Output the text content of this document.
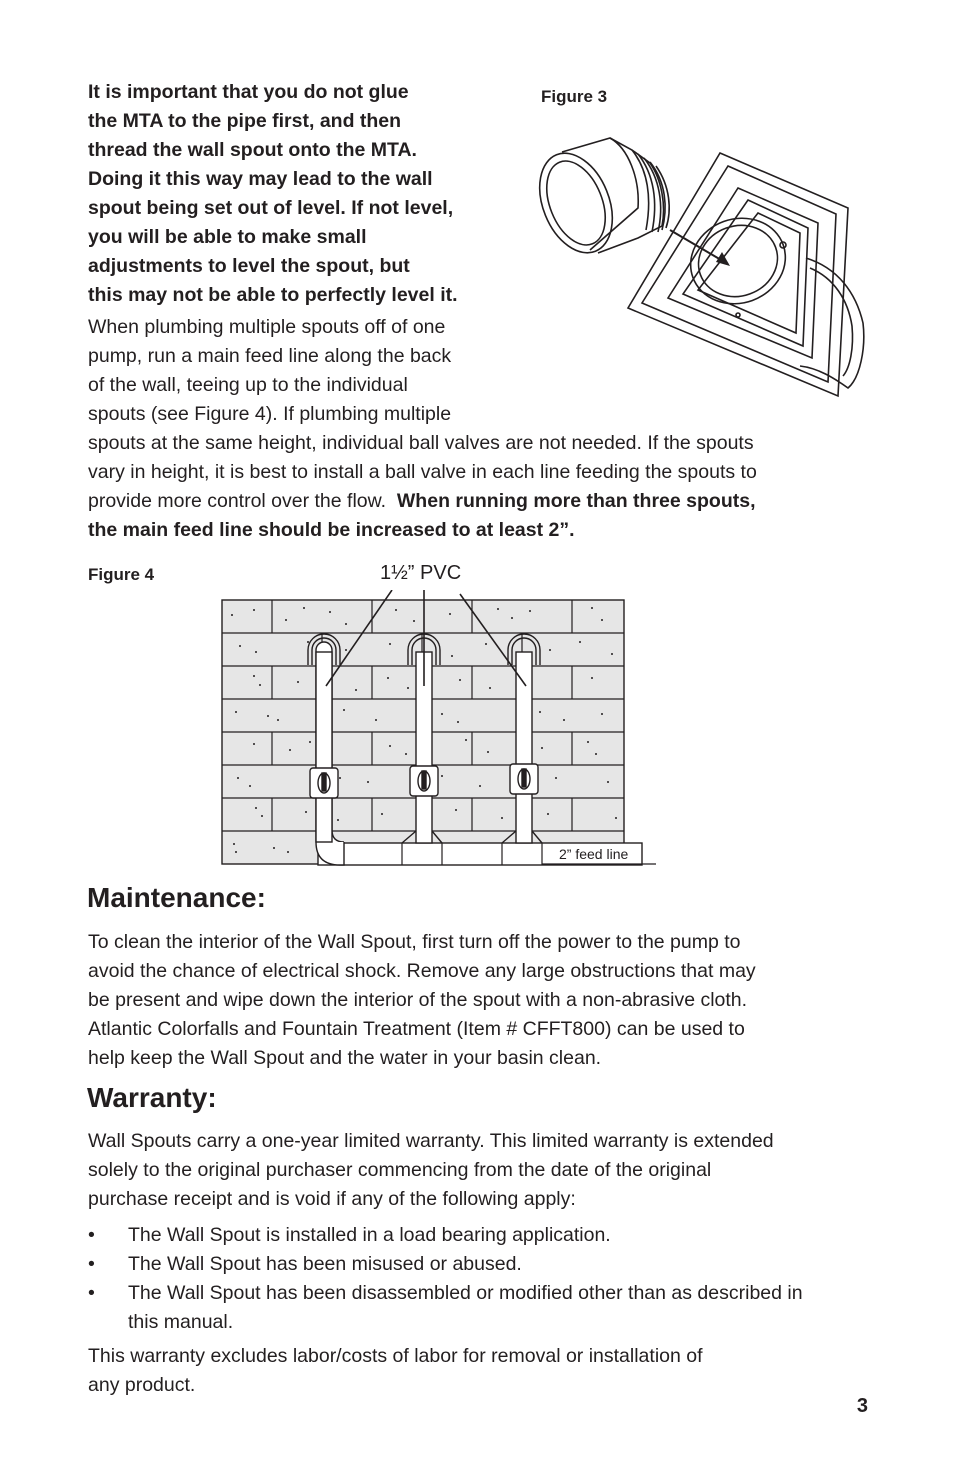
It is important that you do not glue
the MTA to the pipe first, and then
thread the wall spout onto the MTA.
Doing it this way may lead to the wall
spout being set out of level. If not level,
you will be able to make small
adjustments to level the spout, but
this may not be able to perfectly level it.
When plumbing multiple spouts off of one
pump, run a main feed line along the back
of the wall, teeing up to the individual
spouts (see Figure 4). If plumbing multiple
spouts at the same height, individual ball valves are not needed. If the spouts
vary in height, it is best to install a ball valve in each line feeding the spouts to
provide more control over the flow.  When running more than three spouts,
the main feed line should be increased to at least 2”.
Figure 3
Figure 4	1½” PVC
2” feed line
Maintenance:
To clean the interior of the Wall Spout, first turn off the power to the pump to
avoid the chance of electrical shock. Remove any large obstructions that may
be present and wipe down the interior of the spout with a non-abrasive cloth.
Atlantic Colorfalls and Fountain Treatment (Item # CFFT800) can be used to
help keep the Wall Spout and the water in your basin clean.
Warranty:
Wall Spouts carry a one-year limited warranty. This limited warranty is extended
solely to the original purchaser commencing from the date of the original
purchase receipt and is void if any of the following apply:
•	The Wall Spout is installed in a load bearing application.
•	The Wall Spout has been misused or abused.
•	The Wall Spout has been disassembled or modified other than as described in this manual.
This warranty excludes labor/costs of labor for removal or installation of
any product.
3
